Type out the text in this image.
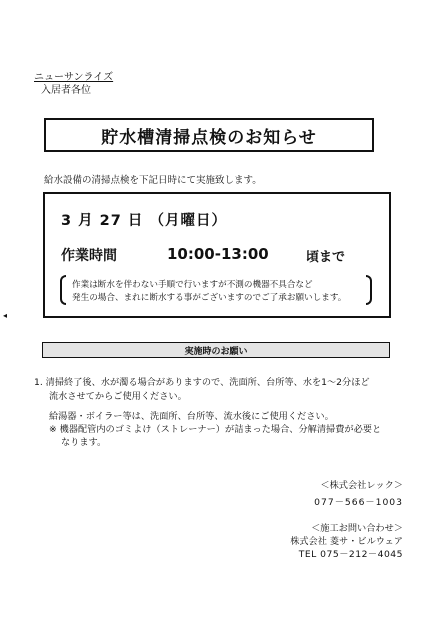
ニューサンライズ
入居者各位
貯水槽清掃点検のお知らせ
給水設備の清掃点検を下記日時にて実施致します。
3 月 27 日 （月曜日）
作業時間	10:00-13:00	頃まで
作業は断水を伴わない手順で行いますが不測の機器不具合など
発生の場合、まれに断水する事がございますのでご了承お願いします。
◂
実施時のお願い
1. 清掃終了後、水が濁る場合がありますので、洗面所、台所等、水を1～2分ほど
流水させてからご使用ください。
給湯器・ボイラー等は、洗面所、台所等、流水後にご使用ください。
※ 機器配管内のゴミよけ（ストレーナー）が詰まった場合、分解清掃費が必要と
なります。
＜株式会社レック＞
077－566－1003
＜施工お問い合わせ＞
株式会社 菱サ・ビルウェア
TEL 075－212－4045
